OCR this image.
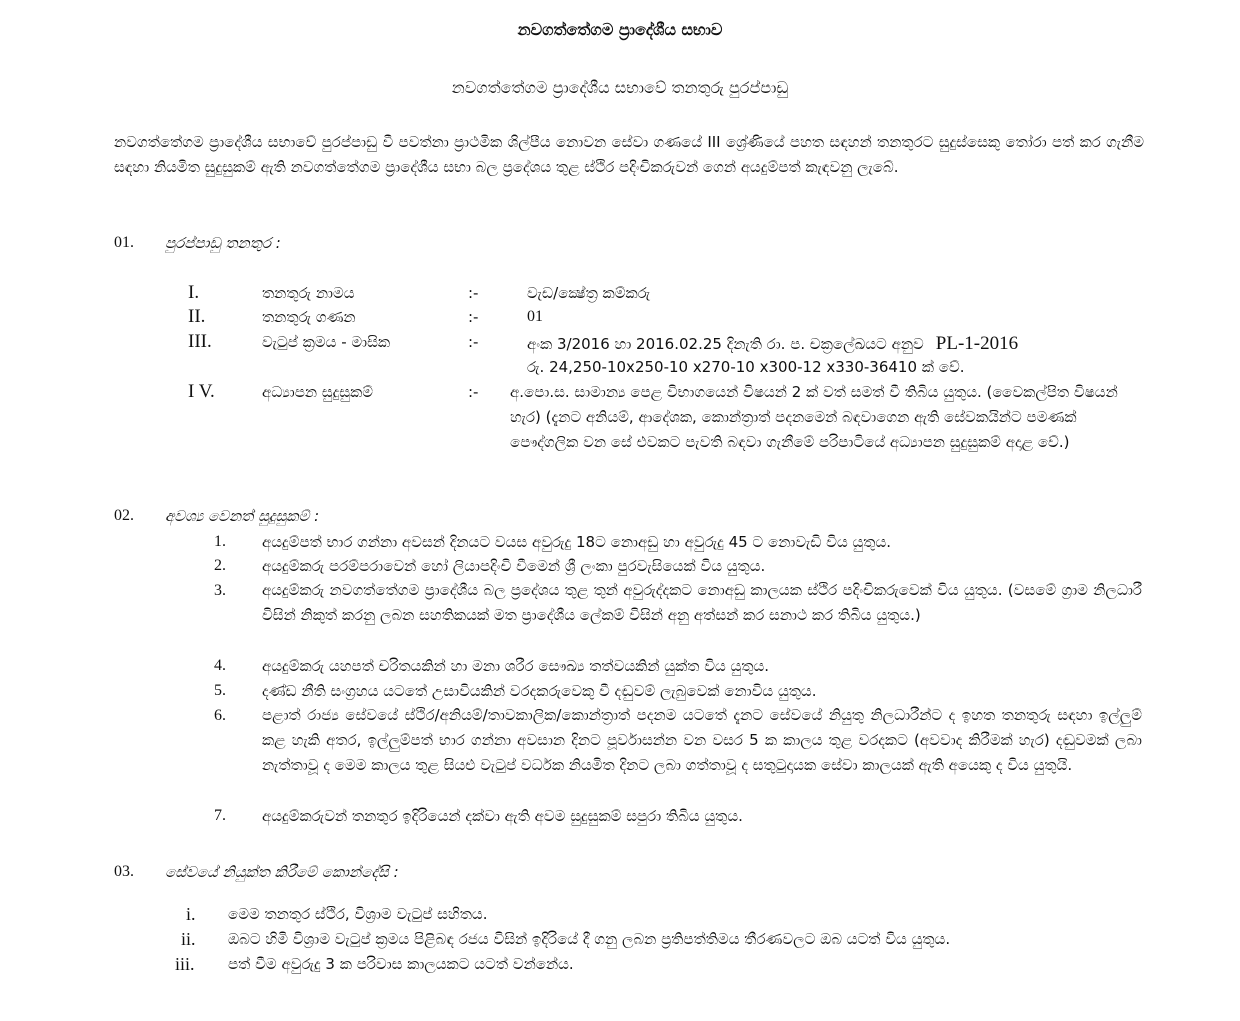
නවගත්තේගම ප්‍රාදේශීය සභාව
නවගත්තේගම ප්‍රාදේශීය සභාවේ තනතුරු පුරප්පාඩු
නවගත්තේගම ප්‍රාදේශීය සභාවේ පුරප්පාඩු වී පවත්නා ප්‍රාථමික ශිල්පීය නොවන සේවා ගණයේ III ශ්‍රේණියේ පහත සඳහන් තනතුරට සුදුස්සෙකු තෝරා පත් කර ගැනීම සඳහා නියමිත සුදුසුකම් ඇති නවගත්තේගම ප්‍රාදේශීය සභා බල ප්‍රදේශය තුළ ස්ථිර පදිංචිකරුවන් ගෙන් අයදුම්පත් කැඳවනු ලැබේ.
01. පුරප්පාඩු තනතුර :
I.	තනතුරු නාමය	:-	වැඩ/ක්‍ෂේත්‍ර කම්කරු
II.	තනතුරු ගණන	:-	01
III.	වැටුප් ක්‍රමය - මාසික	:-	අංක 3/2016 හා 2016.02.25 දිනැති රා. ප. චක්‍රලේඛයට අනුව PL-1-2016
රු. 24,250-10x250-10 x270-10 x300-12 x330-36410 ක් වේ.
I V.	අධ්‍යාපන සුදුසුකම්	:- අ.පො.ස. සාමාන්‍ය පෙළ විභාගයෙන් විෂයන් 2 ක් වත් සමත් වී තිබිය යුතුය. (වෛකල්පිත විෂයන් හැර) (දැනට අනියම්, ආදේශක, කොන්ත්‍රාත් පදනමෙන් බඳවාගෙන ඇති සේවකයින්ට පමණක් පෞද්ගලික වන සේ එවකට පැවති බඳවා ගැනීමේ පරිපාටියේ අධ්‍යාපන සුදුසුකම් අදාළ වේ.)
02. අවශ්‍ය වෙනත් සුදුසුකම් :
1. අයදුම්පත් භාර ගන්නා අවසන් දිනයට වයස අවුරුදු 18ට නොඅඩු හා අවුරුදු 45 ට නොවැඩි විය යුතුය.
2. අයදුම්කරු පරම්පරාවෙන් හෝ ලියාපදිංචි වීමෙන් ශ්‍රී ලංකා පුරවැසියෙක් විය යුතුය.
3. අයදුම්කරු නවගත්තේගම ප්‍රාදේශීය බල ප්‍රදේශය තුළ තුන් අවුරුද්දකට නොඅඩු කාලයක ස්ථිර පදිංචිකරුවෙක් විය යුතුය. (වසමේ ග්‍රාම නිලධාරී විසින් නිකුත් කරනු ලබන සහතිකයක් මත ප්‍රාදේශීය ලේකම් විසින් අනු අත්සන් කර සනාථ කර තිබිය යුතුය.)
4. අයදුම්කරු යහපත් චරිතයකින් හා මනා ශරීර සෞඛ්‍ය තත්වයකින් යුක්ත විය යුතුය.
5. දණ්ඩ නීති සංග්‍රහය යටතේ උසාවියකින් වරදකරුවෙකු වී දඬුවම් ලැබුවෙක් නොවිය යුතුය.
6. පළාත් රාජ්‍ය සේවයේ ස්ථිර/අනියම්/තාවකාලික/කොන්ත්‍රාත් පදනම යටතේ දැනට සේවයේ නියුතු නිලධාරීන්ට ද ඉහත තනතුරු සඳහා ඉල්ලුම් කළ හැකි අතර, ඉල්ලුම්පත් භාර ගන්නා අවසාන දිනට පූර්වාසන්න වන වසර 5 ක කාලය තුළ වරදකට (අවවාද කිරීමක් හැර) දඬුවමක් ලබා නැත්තාවූ ද මෙම කාලය තුළ සියළු වැටුප් වර්ධක නියමිත දිනට ලබා ගත්තාවූ ද සතුටුදායක සේවා කාලයක් ඇති අයෙකු ද විය යුතුයි.
7. අයදුම්කරුවන් තනතුර ඉදිරියෙන් දක්වා ඇති අවම සුදුසුකම් සපුරා තිබිය යුතුය.
03. සේවයේ නියුක්ත කිරීමේ කොන්දේසි :
i. මෙම තනතුර ස්ථිර, විශ්‍රාම වැටුප් සහිතය.
ii. ඔබට හිමි විශ්‍රාම වැටුප් ක්‍රමය පිළිබඳ රජය විසින් ඉදිරියේ දී ගනු ලබන ප්‍රතිපත්තිමය තීරණවලට ඔබ යටත් විය යුතුය.
iii. පත් වීම අවුරුදු 3 ක පරිවාස කාලයකට යටත් වන්නේය.
